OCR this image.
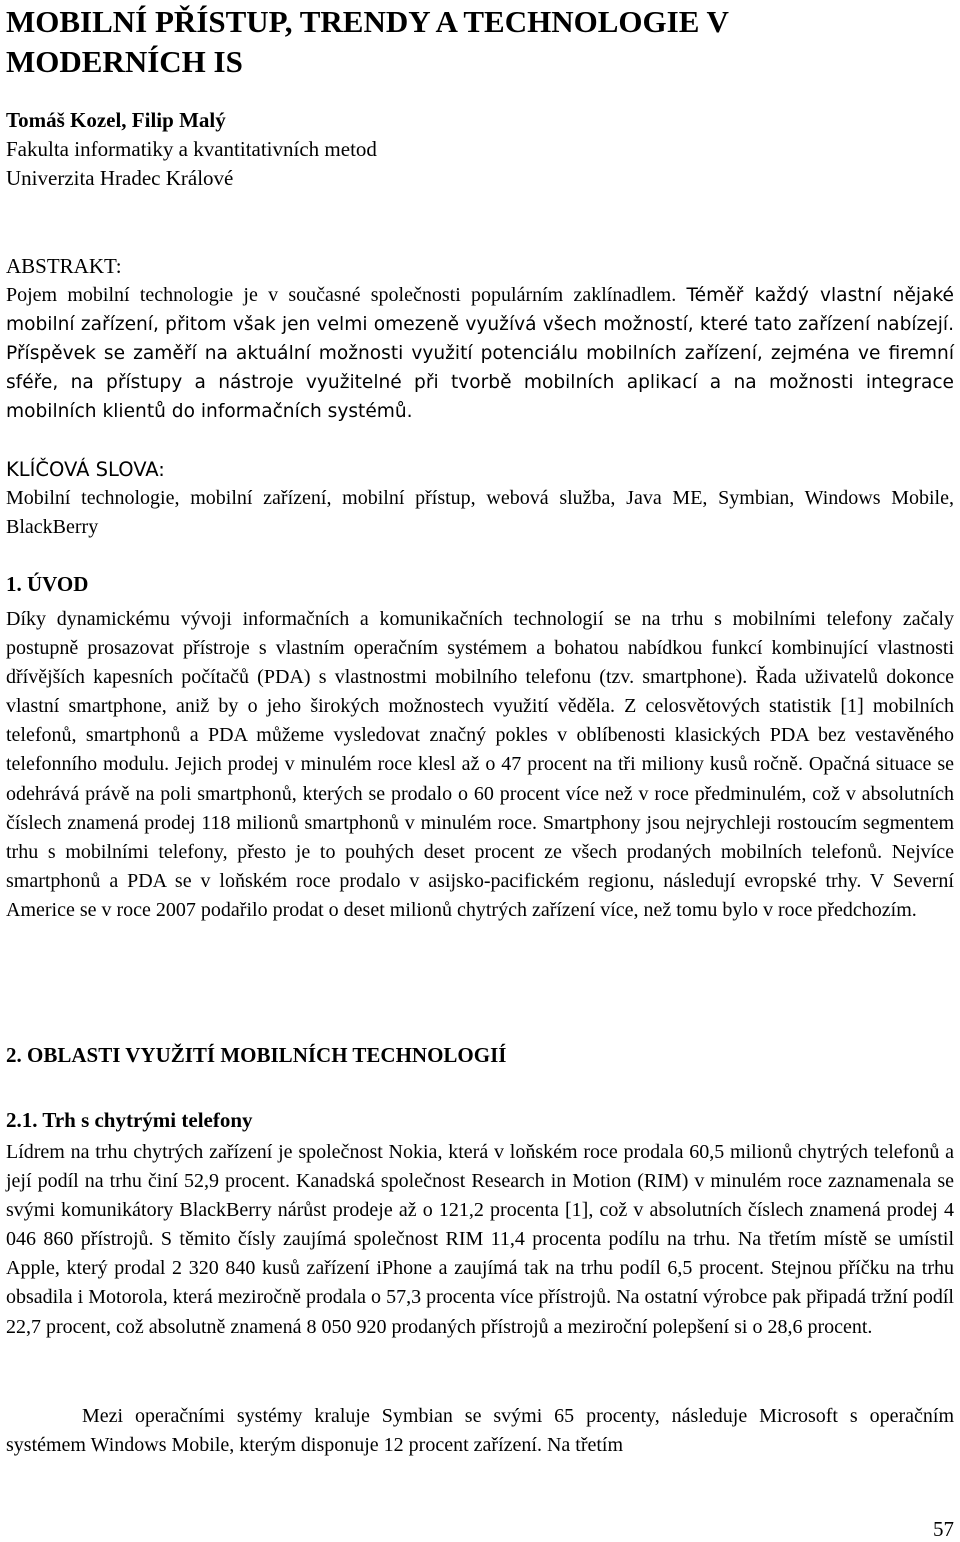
MOBILNÍ PŘÍSTUP, TRENDY A TECHNOLOGIE V MODERNÍCH IS

Tomáš Kozel, Filip Malý

Fakulta informatiky a kvantitativních metod

Univerzita Hradec Králové

ABSTRAKT:

Pojem mobilní technologie je v současné společnosti populárním zaklínadlem. Téměř každý vlastní nějaké mobilní zařízení, přitom však jen velmi omezeně využívá všech možností, které tato zařízení nabízejí. Příspěvek se zaměří na aktuální možnosti využití potenciálu mobilních zařízení, zejména ve firemní sféře, na přístupy a nástroje využitelné při tvorbě mobilních aplikací a na možnosti integrace mobilních klientů do informačních systémů.

KLÍČOVÁ SLOVA:

Mobilní technologie, mobilní zařízení, mobilní přístup, webová služba, Java ME, Symbian, Windows Mobile, BlackBerry

1. ÚVOD

Díky dynamickému vývoji informačních a komunikačních technologií se na trhu s mobilními telefony začaly postupně prosazovat přístroje s vlastním operačním systémem a bohatou nabídkou funkcí kombinující vlastnosti dřívějších kapesních počítačů (PDA) s vlastnostmi mobilního telefonu (tzv. smartphone). Řada uživatelů dokonce vlastní smartphone, aniž by o jeho širokých možnostech využití věděla. Z celosvětových statistik [1] mobilních telefonů, smartphonů a PDA můžeme vysledovat značný pokles v oblíbenosti klasických PDA bez vestavěného telefonního modulu. Jejich prodej v minulém roce klesl až o 47 procent na tři miliony kusů ročně. Opačná situace se odehrává právě na poli smartphonů, kterých se prodalo o 60 procent více než v roce předminulém, což v absolutních číslech znamená prodej 118 milionů smartphonů v minulém roce. Smartphony jsou nejrychleji rostoucím segmentem trhu s mobilními telefony, přesto je to pouhých deset procent ze všech prodaných mobilních telefonů. Nejvíce smartphonů a PDA se v loňském roce prodalo v asijsko-pacifickém regionu, následují evropské trhy. V Severní Americe se v roce 2007 podařilo prodat o deset milionů chytrých zařízení více, než tomu bylo v roce předchozím.

2. OBLASTI VYUŽITÍ MOBILNÍCH TECHNOLOGIÍ

2.1. Trh s chytrými telefony

Lídrem na trhu chytrých zařízení je společnost Nokia, která v loňském roce prodala 60,5 milionů chytrých telefonů a její podíl na trhu činí 52,9 procent. Kanadská společnost Research in Motion (RIM) v minulém roce zaznamenala se svými komunikátory BlackBerry nárůst prodeje až o 121,2 procenta [1], což v absolutních číslech znamená prodej 4 046 860 přístrojů. S těmito čísly zaujímá společnost RIM 11,4 procenta podílu na trhu. Na třetím místě se umístil Apple, který prodal 2 320 840 kusů zařízení iPhone a zaujímá tak na trhu podíl 6,5 procent. Stejnou příčku na trhu obsadila i Motorola, která meziročně prodala o 57,3 procenta více přístrojů. Na ostatní výrobce pak připadá tržní podíl 22,7 procent, což absolutně znamená 8 050 920 prodaných přístrojů a meziroční polepšení si o 28,6 procent.

Mezi operačními systémy kraluje Symbian se svými 65 procenty, následuje Microsoft s operačním systémem Windows Mobile, kterým disponuje 12 procent zařízení. Na třetím

57
